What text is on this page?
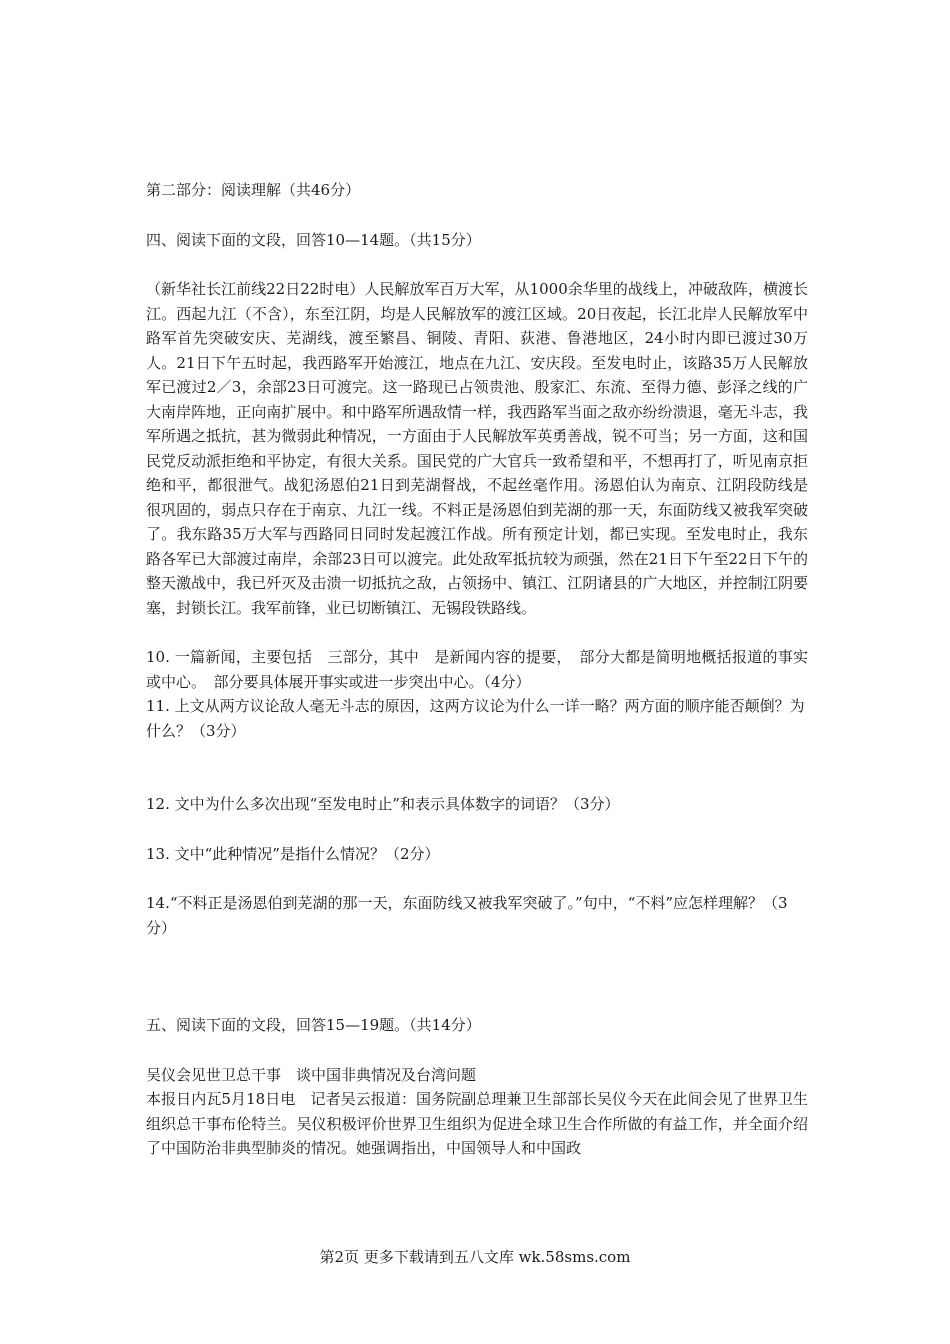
第二部分：阅读理解（共46分）

四、阅读下面的文段，回答10—14题。（共15分）

（新华社长江前线22日22时电）人民解放军百万大军，从1000余华里的战线上，冲破敌阵，横渡长江。西起九江（不含），东至江阴，均是人民解放军的渡江区域。20日夜起，长江北岸人民解放军中路军首先突破安庆、芜湖线，渡至繁昌、铜陵、青阳、荻港、鲁港地区，24小时内即已渡过30万人。21日下午五时起，我西路军开始渡江，地点在九江、安庆段。至发电时止，该路35万人民解放军已渡过2／3，余部23日可渡完。这一路现已占领贵池、殷家汇、东流、至得力德、彭泽之线的广大南岸阵地，正向南扩展中。和中路军所遇敌情一样，我西路军当面之敌亦纷纷溃退，毫无斗志，我军所遇之抵抗，甚为微弱此种情况，一方面由于人民解放军英勇善战，锐不可当；另一方面，这和国民党反动派拒绝和平协定，有很大关系。国民党的广大官兵一致希望和平，不想再打了，听见南京拒绝和平，都很泄气。战犯汤恩伯21日到芜湖督战，不起丝毫作用。汤恩伯认为南京、江阴段防线是很巩固的，弱点只存在于南京、九江一线。不料正是汤恩伯到芜湖的那一天，东面防线又被我军突破了。我东路35万大军与西路同日同时发起渡江作战。所有预定计划，都已实现。至发电时止，我东路各军已大部渡过南岸，余部23日可以渡完。此处敌军抵抗较为顽强，然在21日下午至22日下午的整天激战中，我已歼灭及击溃一切抵抗之敌，占领扬中、镇江、江阴诸县的广大地区，并控制江阴要塞，封锁长江。我军前锋，业已切断镇江、无锡段铁路线。

10. 一篇新闻，主要包括　三部分，其中　是新闻内容的提要，　部分大都是简明地概括报道的事实或中心。　部分要具体展开事实或进一步突出中心。（4分）

11. 上文从两方议论敌人毫无斗志的原因，这两方议论为什么一详一略？两方面的顺序能否颠倒？为什么？（3分）

12. 文中为什么多次出现“至发电时止”和表示具体数字的词语？（3分）

13. 文中“此种情况”是指什么情况？（2分）

14.“不料正是汤恩伯到芜湖的那一天，东面防线又被我军突破了。”句中，“不料”应怎样理解？（3分）

五、阅读下面的文段，回答15—19题。（共14分）

吴仪会见世卫总干事　谈中国非典情况及台湾问题

本报日内瓦5月18日电　记者吴云报道：国务院副总理兼卫生部部长吴仪今天在此间会见了世界卫生组织总干事布伦特兰。吴仪积极评价世界卫生组织为促进全球卫生合作所做的有益工作，并全面介绍了中国防治非典型肺炎的情况。她强调指出，中国领导人和中国政

第2页 更多下载请到五八文库 wk.58sms.com
